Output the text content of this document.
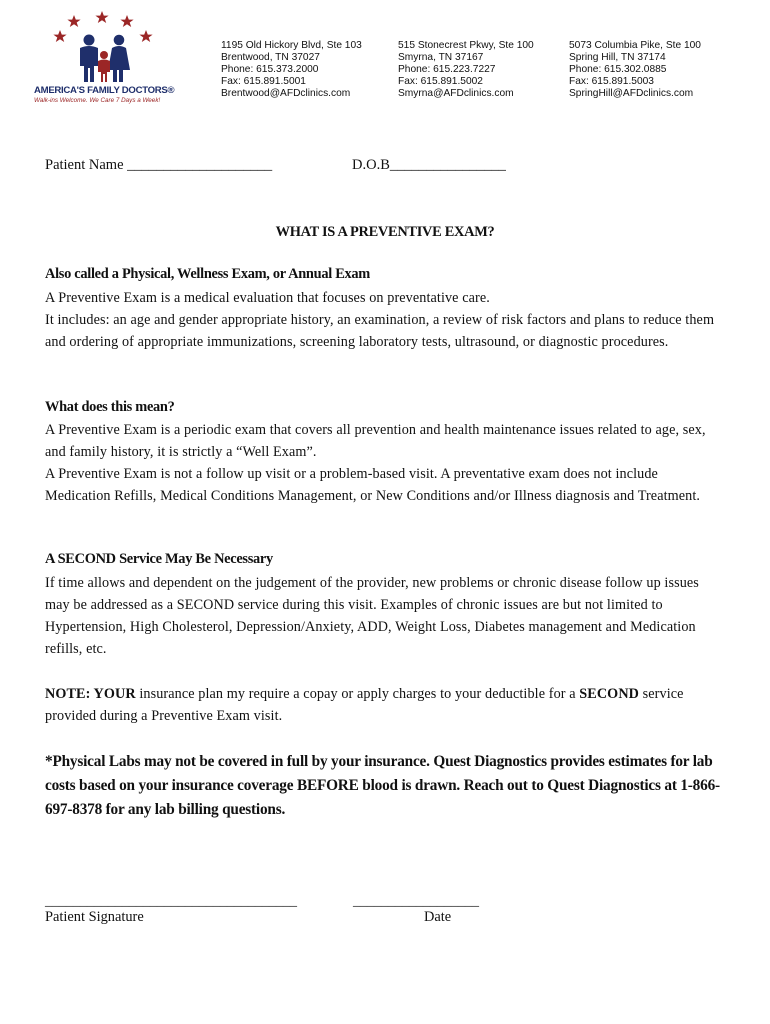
AMERICA'S FAMILY DOCTORS®
Walk-ins Welcome. We Care 7 Days a Week!
1195 Old Hickory Blvd, Ste 103
Brentwood, TN 37027
Phone: 615.373.2000
Fax: 615.891.5001
Brentwood@AFDclinics.com
515 Stonecrest Pkwy, Ste 100
Smyrna, TN 37167
Phone: 615.223.7227
Fax: 615.891.5002
Smyrna@AFDclinics.com
5073 Columbia Pike, Ste 100
Spring Hill, TN 37174
Phone: 615.302.0885
Fax: 615.891.5003
SpringHill@AFDclinics.com
Patient Name ____________________	D.O.B________________
WHAT IS A PREVENTIVE EXAM?
Also called a Physical, Wellness Exam, or Annual Exam
A Preventive Exam is a medical evaluation that focuses on preventative care.
It includes: an age and gender appropriate history, an examination, a review of risk factors and plans to reduce them and ordering of appropriate immunizations, screening laboratory tests, ultrasound, or diagnostic procedures.
What does this mean?
A Preventive Exam is a periodic exam that covers all prevention and health maintenance issues related to age, sex, and family history, it is strictly a “Well Exam”.
A Preventive Exam is not a follow up visit or a problem-based visit. A preventative exam does not include Medication Refills, Medical Conditions Management, or New Conditions and/or Illness diagnosis and Treatment.
A SECOND Service May Be Necessary
If time allows and dependent on the judgement of the provider, new problems or chronic disease follow up issues may be addressed as a SECOND service during this visit. Examples of chronic issues are but not limited to Hypertension, High Cholesterol, Depression/Anxiety, ADD, Weight Loss, Diabetes management and Medication refills, etc.
NOTE: YOUR insurance plan my require a copay or apply charges to your deductible for a SECOND service provided during a Preventive Exam visit.
*Physical Labs may not be covered in full by your insurance. Quest Diagnostics provides estimates for lab costs based on your insurance coverage BEFORE blood is drawn. Reach out to Quest Diagnostics at 1-866-697-8378 for any lab billing questions.
____________________________________	__________________
Patient Signature	Date
